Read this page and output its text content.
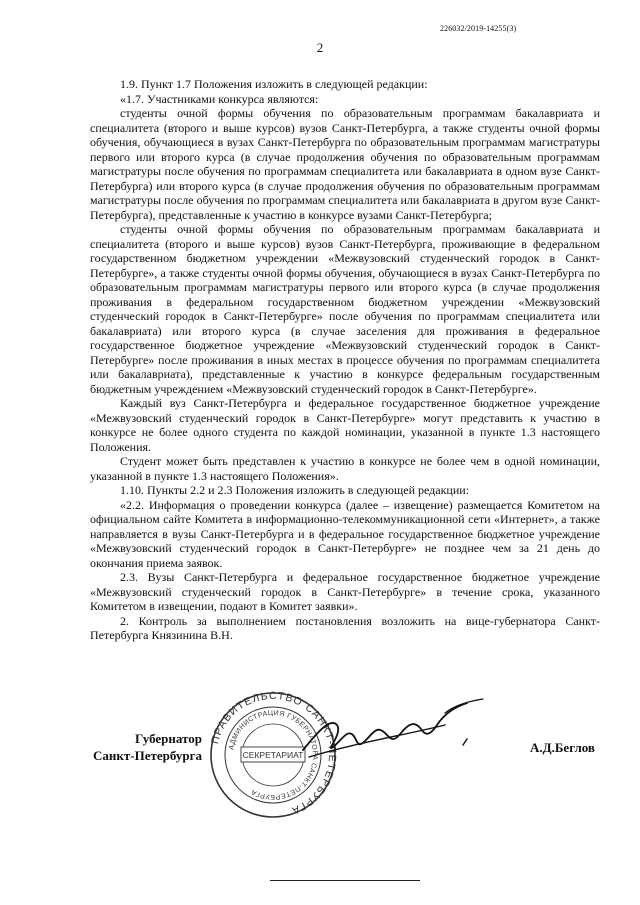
226032/2019-14255(3)
2

1.9. Пункт 1.7 Положения изложить в следующей редакции:

«1.7. Участниками конкурса являются:

студенты очной формы обучения по образовательным программам бакалавриата и специалитета (второго и выше курсов) вузов Санкт-Петербурга, а также студенты очной формы обучения, обучающиеся в вузах Санкт-Петербурга по образовательным программам магистратуры первого или второго курса (в случае продолжения обучения по образовательным программам магистратуры после обучения по программам специалитета или бакалавриата в одном вузе Санкт-Петербурга) или второго курса (в случае продолжения обучения по образовательным программам магистратуры после обучения по программам специалитета или бакалавриата в другом вузе Санкт-Петербурга), представленные к участию в конкурсе вузами Санкт-Петербурга;

студенты очной формы обучения по образовательным программам бакалавриата и специалитета (второго и выше курсов) вузов Санкт-Петербурга, проживающие в федеральном государственном бюджетном учреждении «Межвузовский студенческий городок в Санкт-Петербурге», а также студенты очной формы обучения, обучающиеся в вузах Санкт-Петербурга по образовательным программам магистратуры первого или второго курса (в случае продолжения проживания в федеральном государственном бюджетном учреждении «Межвузовский студенческий городок в Санкт-Петербурге» после обучения по программам специалитета или бакалавриата) или второго курса (в случае заселения для проживания в федеральное государственное бюджетное учреждение «Межвузовский студенческий городок в Санкт-Петербурге» после проживания в иных местах в процессе обучения по программам специалитета или бакалавриата), представленные к участию в конкурсе федеральным государственным бюджетным учреждением «Межвузовский студенческий городок в Санкт-Петербурге».

Каждый вуз Санкт-Петербурга и федеральное государственное бюджетное учреждение «Межвузовский студенческий городок в Санкт-Петербурге» могут представить к участию в конкурсе не более одного студента по каждой номинации, указанной в пункте 1.3 настоящего Положения.

Студент может быть представлен к участию в конкурсе не более чем в одной номинации, указанной в пункте 1.3 настоящего Положения».

1.10. Пункты 2.2 и 2.3 Положения изложить в следующей редакции:

«2.2. Информация о проведении конкурса (далее – извещение) размещается Комитетом на официальном сайте Комитета в информационно-телекоммуникационной сети «Интернет», а также направляется в вузы Санкт-Петербурга и в федеральное государственное бюджетное учреждение «Межвузовский студенческий городок в Санкт-Петербурге» не позднее чем за 21 день до окончания приема заявок.

2.3. Вузы Санкт-Петербурга и федеральное государственное бюджетное учреждение «Межвузовский студенческий городок в Санкт-Петербурге» в течение срока, указанного Комитетом в извещении, подают в Комитет заявки».

2. Контроль за выполнением постановления возложить на вице-губернатора Санкт-Петербурга Князинина В.Н.

Губернатор
Санкт-Петербурга
ПРАВИТЕЛЬСТВО САНКТ-ПЕТЕРБУРГА
АДМИНИСТРАЦИЯ ГУБЕРНАТОРА САНКТ-ПЕТЕРБУРГА
СЕКРЕТАРИАТ	А.Д.Беглов
